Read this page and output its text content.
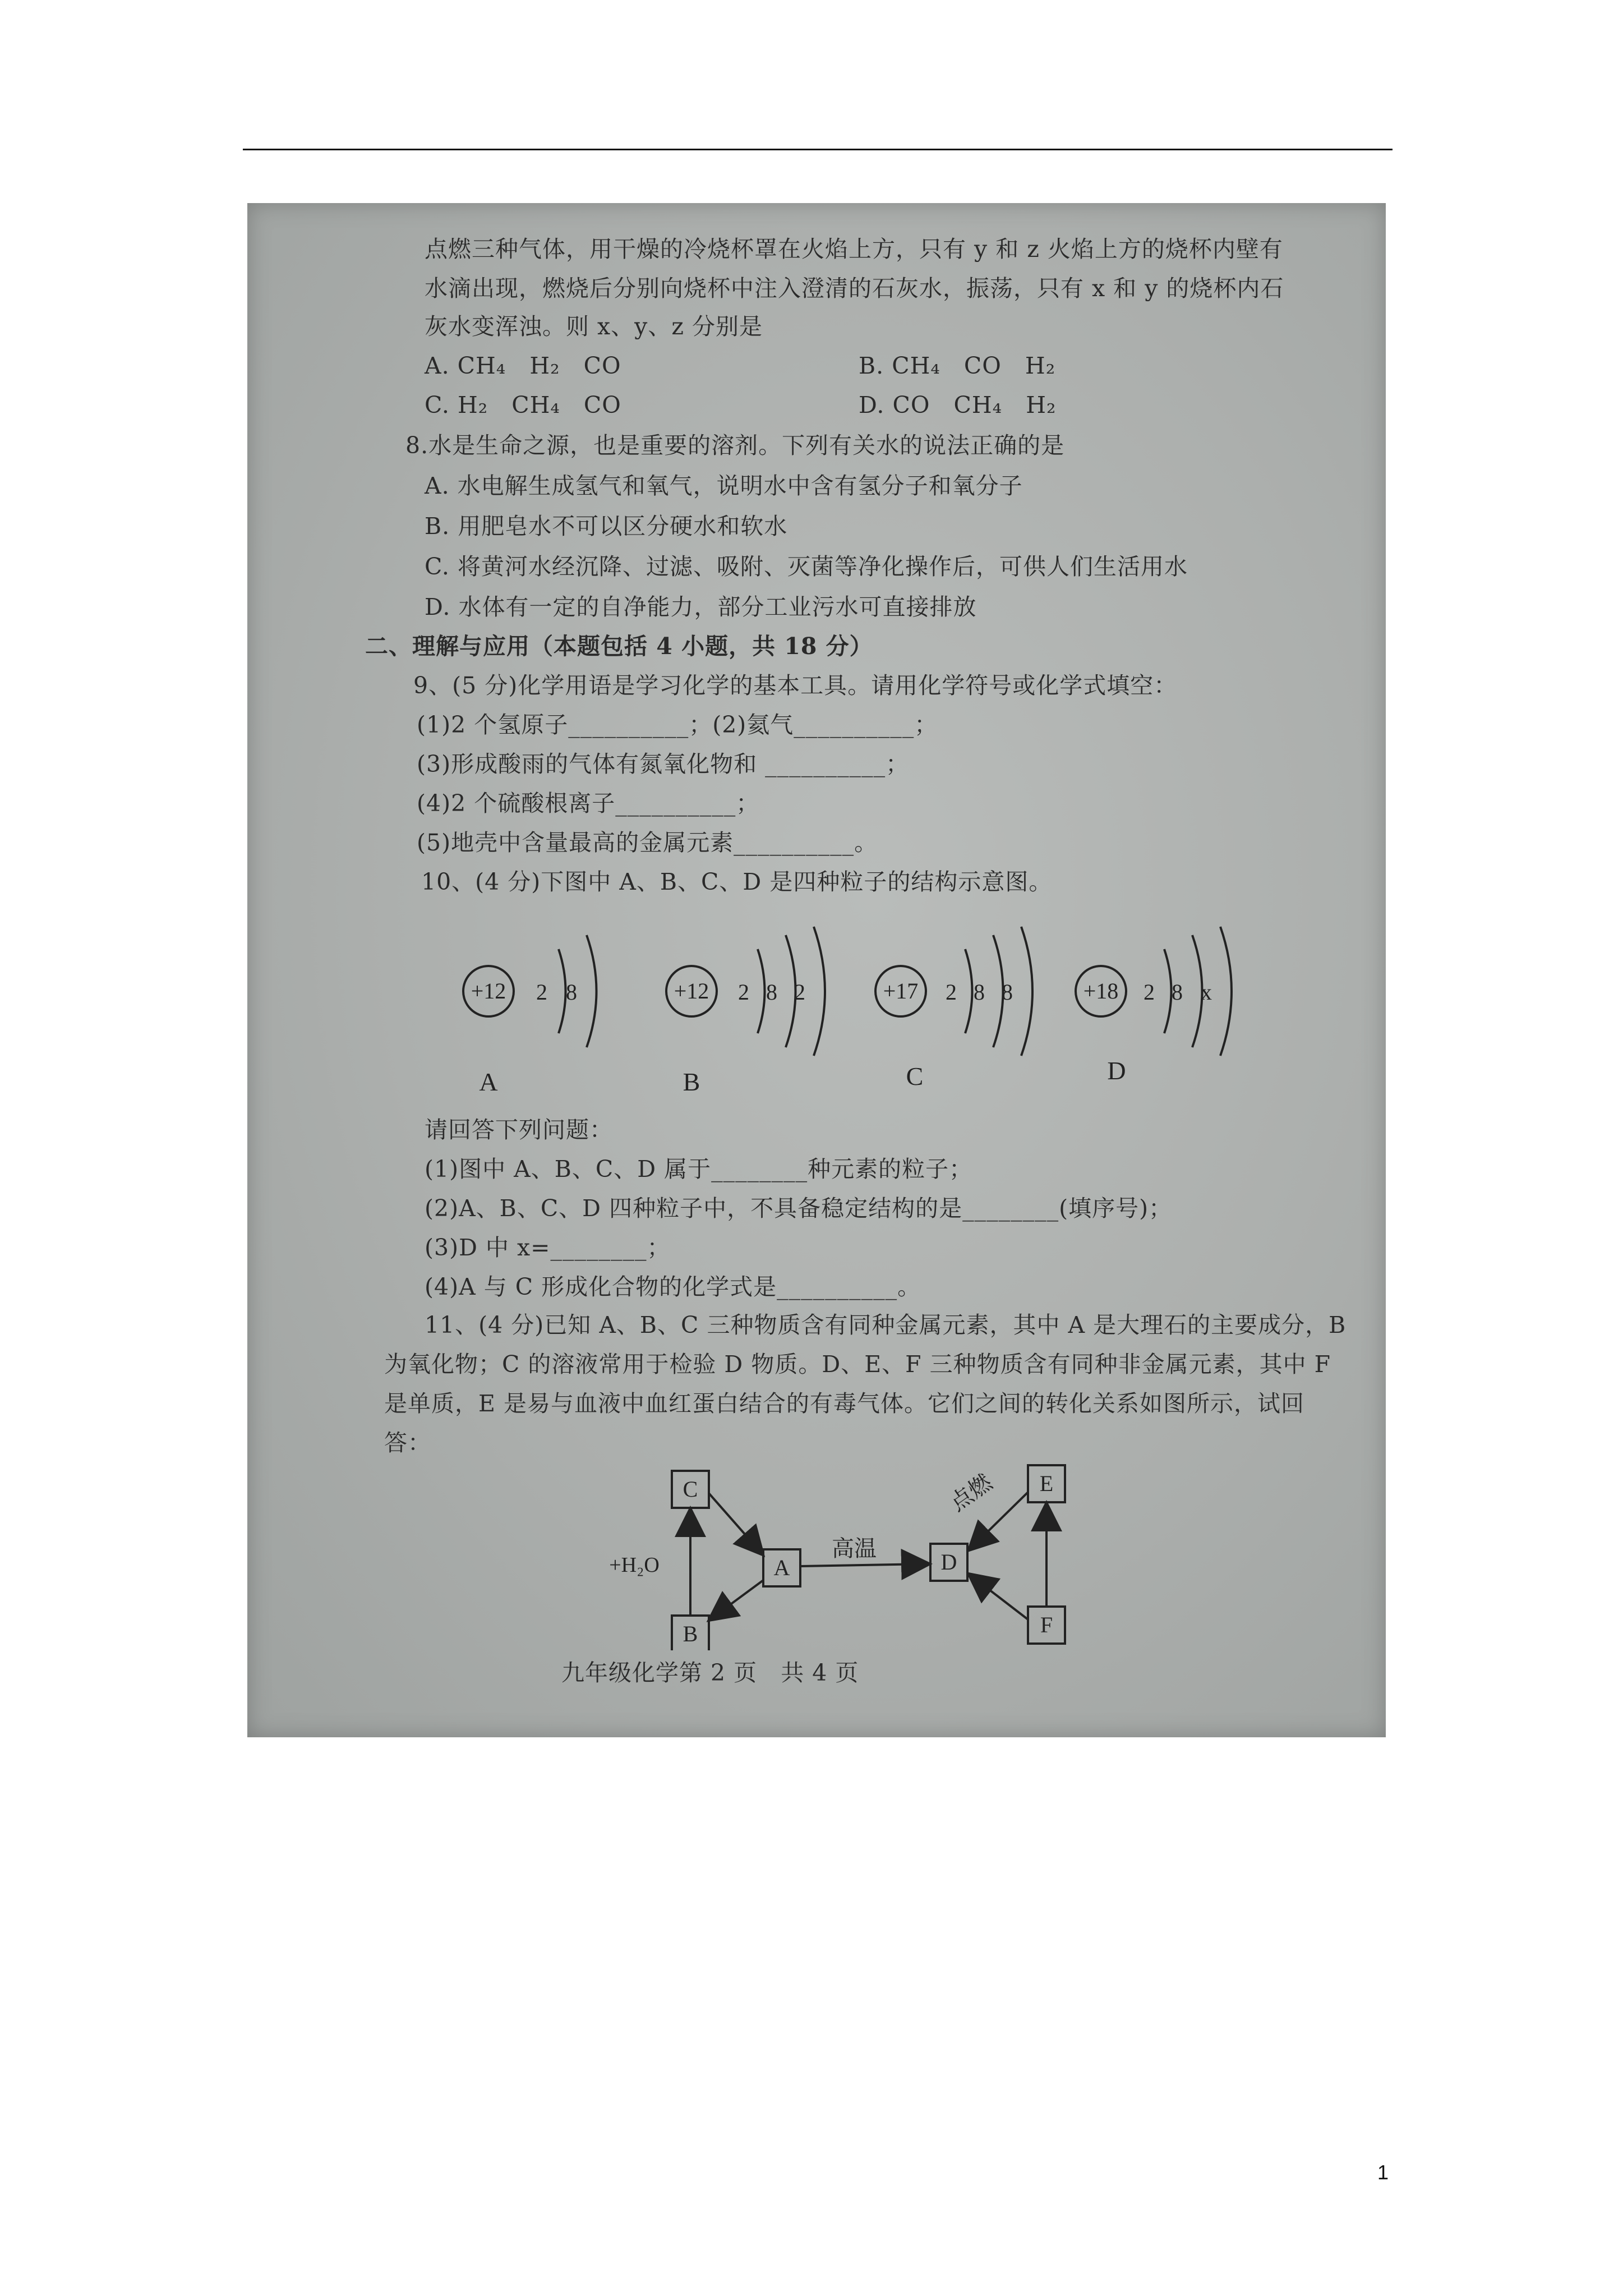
点燃三种气体，用干燥的冷烧杯罩在火焰上方，只有 y 和 z 火焰上方的烧杯内壁有
水滴出现，燃烧后分别向烧杯中注入澄清的石灰水，振荡，只有 x 和 y 的烧杯内石
灰水变浑浊。则 x、y、z 分别是
A. CH₄   H₂   CO	B. CH₄   CO   H₂
C. H₂   CH₄   CO	D. CO   CH₄   H₂
8.水是生命之源，也是重要的溶剂。下列有关水的说法正确的是
A. 水电解生成氢气和氧气，说明水中含有氢分子和氧分子
B. 用肥皂水不可以区分硬水和软水
C. 将黄河水经沉降、过滤、吸附、灭菌等净化操作后，可供人们生活用水
D. 水体有一定的自净能力，部分工业污水可直接排放
二、理解与应用（本题包括 4 小题，共 18 分）
9、(5 分)化学用语是学习化学的基本工具。请用化学符号或化学式填空：
(1)2 个氢原子__________；(2)氦气__________；
(3)形成酸雨的气体有氮氧化物和 __________；
(4)2 个硫酸根离子__________；
(5)地壳中含量最高的金属元素__________。
10、(4 分)下图中 A、B、C、D 是四种粒子的结构示意图。
+12 2 8
A
+12 2 8 2
B
+17 2 8 8
C
+18 2 8 x
D
请回答下列问题：
(1)图中 A、B、C、D 属于________种元素的粒子；
(2)A、B、C、D 四种粒子中，不具备稳定结构的是________(填序号)；
(3)D 中 x=________；
(4)A 与 C 形成化合物的化学式是__________。
11、(4 分)已知 A、B、C 三种物质含有同种金属元素，其中 A 是大理石的主要成分，B
为氧化物；C 的溶液常用于检验 D 物质。D、E、F 三种物质含有同种非金属元素，其中 F
是单质，E 是易与血液中血红蛋白结合的有毒气体。它们之间的转化关系如图所示，试回
答：
C
A
B
D
E
F
+H₂O
高温
点燃
九年级化学第 2 页   共 4 页
1
